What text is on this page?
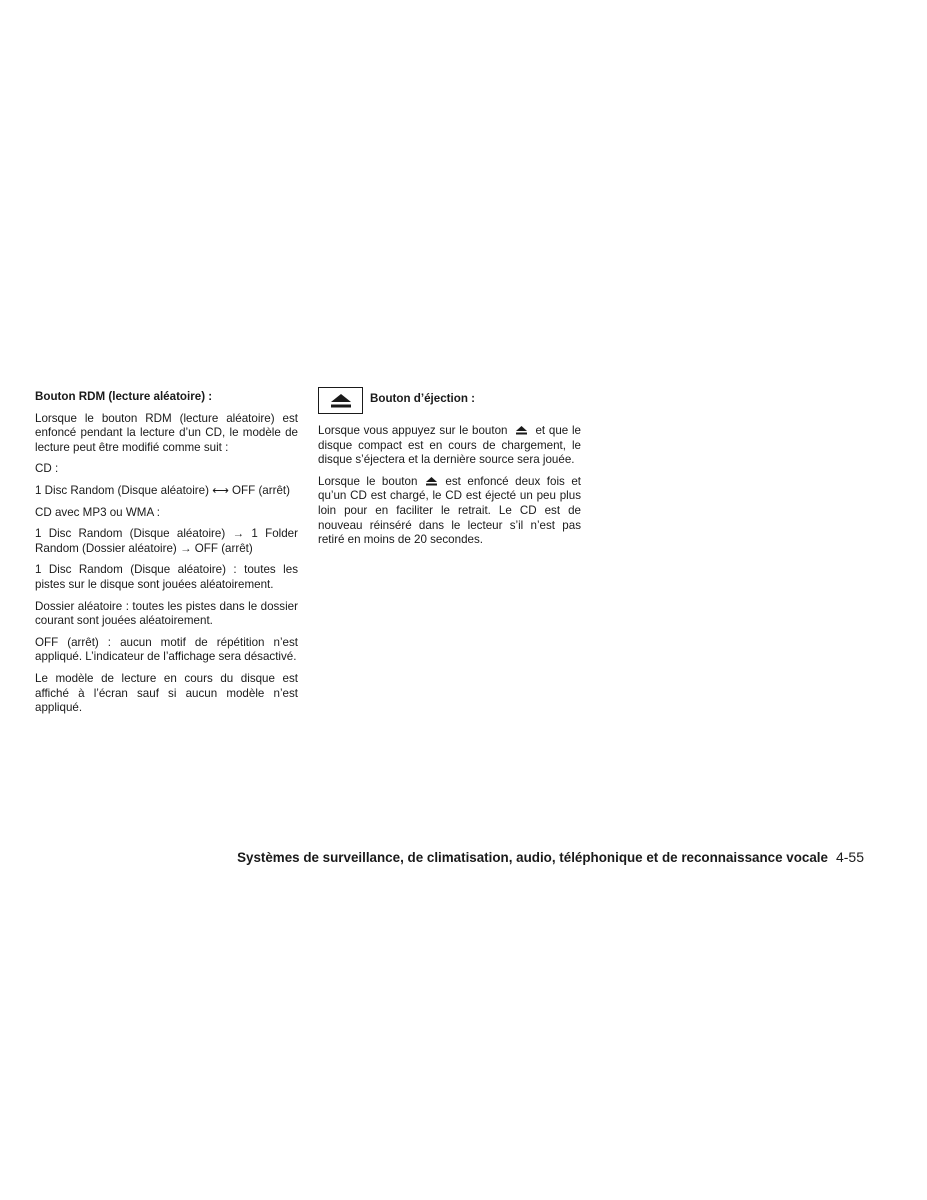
Bouton RDM (lecture aléatoire) :
Lorsque le bouton RDM (lecture aléatoire) est enfoncé pendant la lecture d’un CD, le modèle de lecture peut être modifié comme suit :
CD :
1 Disc Random (Disque aléatoire) ⟷ OFF (arrêt)
CD avec MP3 ou WMA :
1 Disc Random (Disque aléatoire) → 1 Folder Random (Dossier aléatoire) → OFF (arrêt)
1 Disc Random (Disque aléatoire) : toutes les pistes sur le disque sont jouées aléatoirement.
Dossier aléatoire : toutes les pistes dans le dossier courant sont jouées aléatoirement.
OFF (arrêt) : aucun motif de répétition n’est appliqué. L’indicateur de l’affichage sera désactivé.
Le modèle de lecture en cours du disque est affiché à l’écran sauf si aucun modèle n’est appliqué.
Bouton d’éjection :
Lorsque vous appuyez sur le bouton et que le disque compact est en cours de chargement, le disque s’éjectera et la dernière source sera jouée.
Lorsque le bouton est enfoncé deux fois et qu’un CD est chargé, le CD est éjecté un peu plus loin pour en faciliter le retrait. Le CD est de nouveau réinséré dans le lecteur s’il n’est pas retiré en moins de 20 secondes.
Systèmes de surveillance, de climatisation, audio, téléphonique et de reconnaissance vocale 4-55
